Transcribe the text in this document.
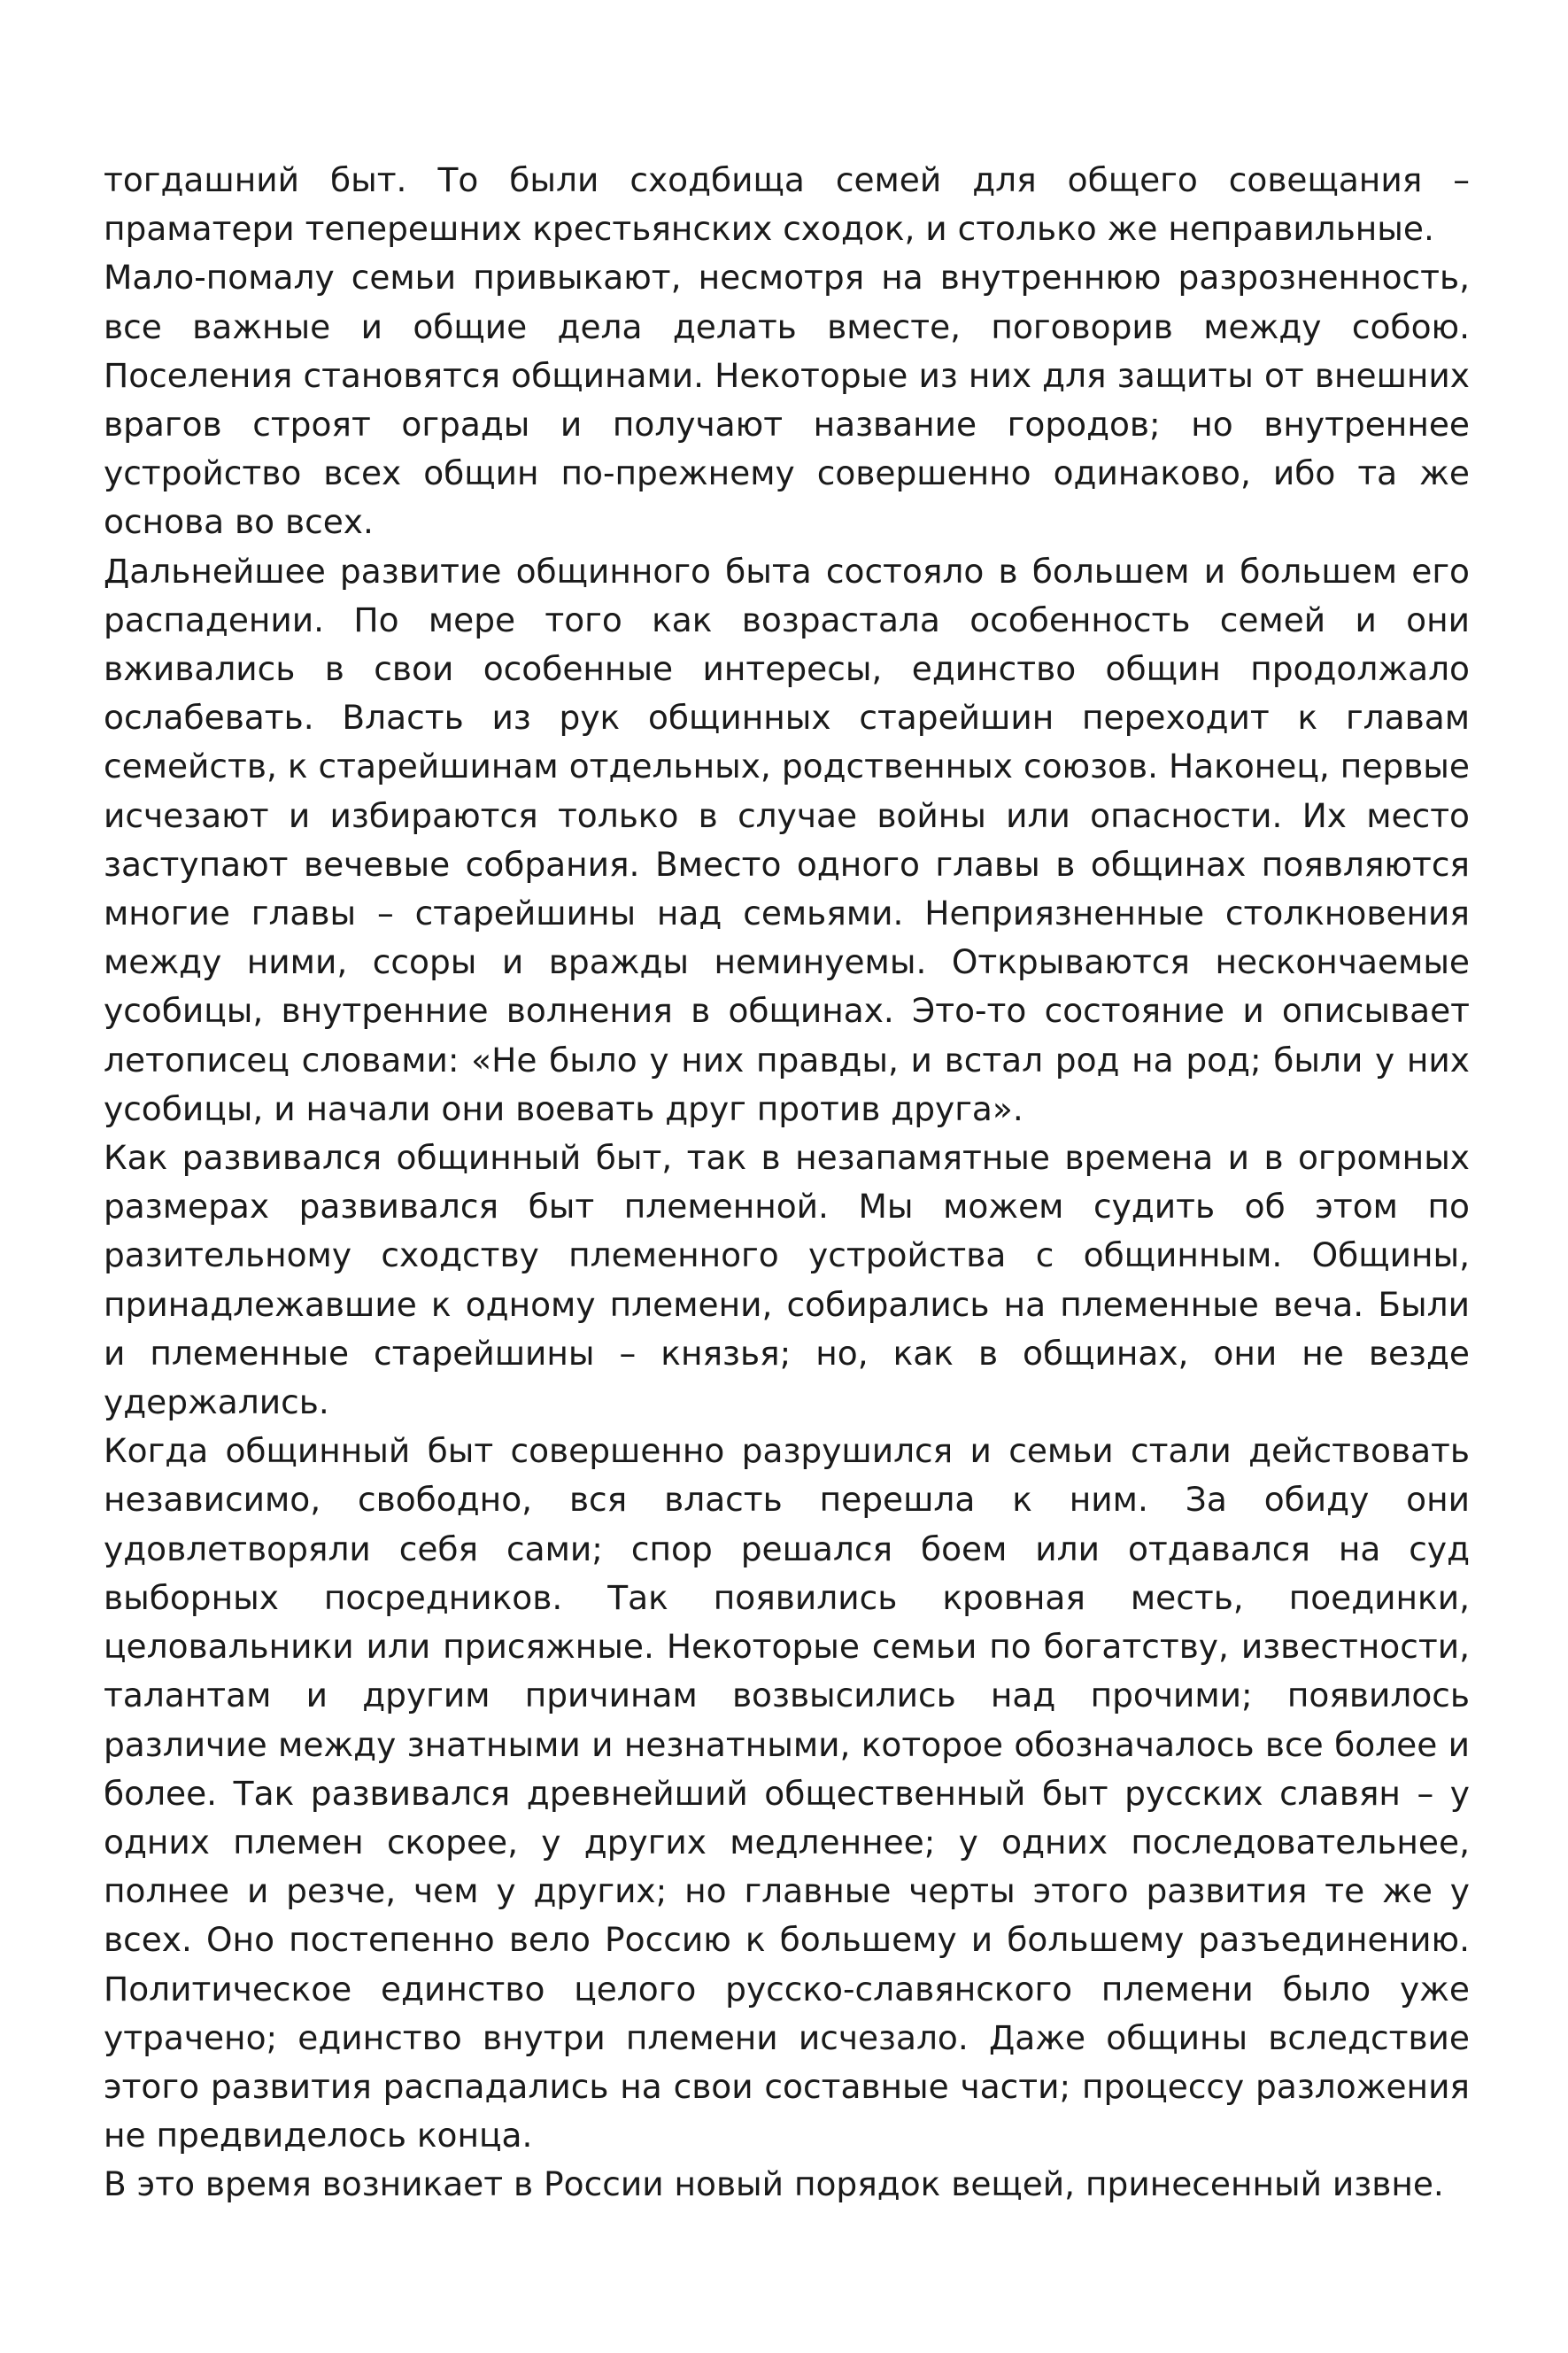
тогдашний быт. То были сходбища семей для общего совещания – праматери теперешних крестьянских сходок, и столько же неправильные.

Мало-помалу семьи привыкают, несмотря на внутреннюю разрозненность, все важные и общие дела делать вместе, поговорив между собою. Поселения становятся общинами. Некоторые из них для защиты от внешних врагов строят ограды и получают название городов; но внутреннее устройство всех общин по-прежнему совершенно одинаково, ибо та же основа во всех.

Дальнейшее развитие общинного быта состояло в большем и большем его распадении. По мере того как возрастала особенность семей и они вживались в свои особенные интересы, единство общин продолжало ослабевать. Власть из рук общинных старейшин переходит к главам семейств, к старейшинам отдельных, родственных союзов. Наконец, первые исчезают и избираются только в случае войны или опасности. Их место заступают вечевые собрания. Вместо одного главы в общинах появляются многие главы – старейшины над семьями. Неприязненные столкновения между ними, ссоры и вражды неминуемы. Открываются нескончаемые усобицы, внутренние волнения в общинах. Это-то состояние и описывает летописец словами: «Не было у них правды, и встал род на род; были у них усобицы, и начали они воевать друг против друга».

Как развивался общинный быт, так в незапамятные времена и в огромных размерах развивался быт племенной. Мы можем судить об этом по разительному сходству племенного устройства с общинным. Общины, принадлежавшие к одному племени, собирались на племенные веча. Были и племенные старейшины – князья; но, как в общинах, они не везде удержались.

Когда общинный быт совершенно разрушился и семьи стали действовать независимо, свободно, вся власть перешла к ним. За обиду они удовлетворяли себя сами; спор решался боем или отдавался на суд выборных посредников. Так появились кровная месть, поединки, целовальники или присяжные. Некоторые семьи по богатству, известности, талантам и другим причинам возвысились над прочими; появилось различие между знатными и незнатными, которое обозначалось все более и более. Так развивался древнейший общественный быт русских славян – у одних племен скорее, у других медленнее; у одних последовательнее, полнее и резче, чем у других; но главные черты этого развития те же у всех. Оно постепенно вело Россию к большему и большему разъединению. Политическое единство целого русско-славянского племени было уже утрачено; единство внутри племени исчезало. Даже общины вследствие этого развития распадались на свои составные части; процессу разложения не предвиделось конца.

В это время возникает в России новый порядок вещей, принесенный извне.
